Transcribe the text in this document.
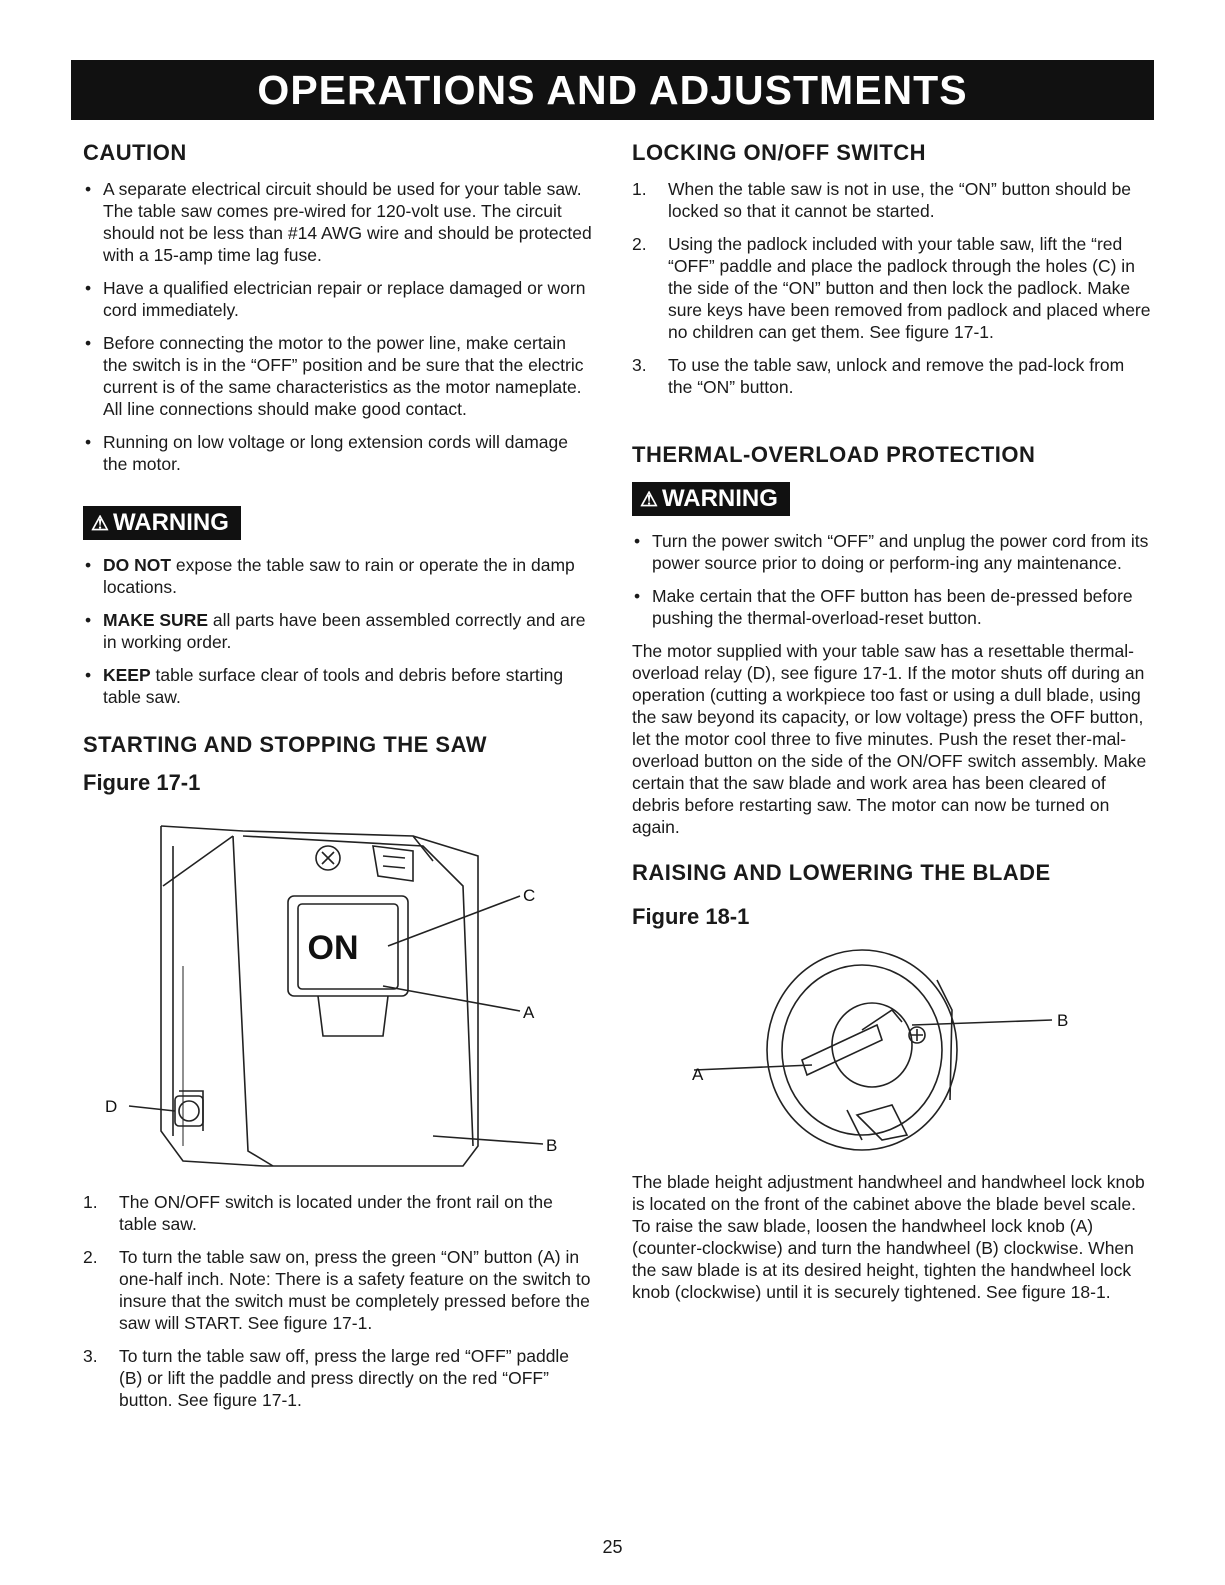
OPERATIONS AND ADJUSTMENTS
CAUTION
• A separate electrical circuit should be used for your table saw. The table saw comes pre-wired for 120-volt use. The circuit should not be less than #14 AWG wire and should be protected with a 15-amp time lag fuse.
• Have a qualified electrician repair or replace damaged or worn cord immediately.
• Before connecting the motor to the power line, make certain the switch is in the “OFF” position and be sure that the electric current is of the same characteristics as the motor nameplate. All line connections should make good contact.
• Running on low voltage or long extension cords will damage the motor.
⚠ WARNING
• DO NOT expose the table saw to rain or operate the in damp locations.
• MAKE SURE all parts have been assembled correctly and are in working order.
• KEEP table surface clear of tools and debris before starting table saw.
STARTING AND STOPPING THE SAW
Figure 17-1
ON
C
A
D
B
1. The ON/OFF switch is located under the front rail on the table saw.
2. To turn the table saw on, press the green “ON” button (A) in one-half inch. Note: There is a safety feature on the switch to insure that the switch must be completely pressed before the saw will START. See figure 17-1.
3. To turn the table saw off, press the large red “OFF” paddle (B) or lift the paddle and press directly on the red “OFF” button. See figure 17-1.
LOCKING ON/OFF SWITCH
1. When the table saw is not in use, the “ON” button should be locked so that it cannot be started.
2. Using the padlock included with your table saw, lift the “red “OFF” paddle and place the padlock through the holes (C) in the side of the “ON” button and then lock the padlock. Make sure keys have been removed from padlock and placed where no children can get them. See figure 17-1.
3. To use the table saw, unlock and remove the pad-lock from the “ON” button.
THERMAL-OVERLOAD PROTECTION
⚠ WARNING
• Turn the power switch “OFF” and unplug the power cord from its power source prior to doing or perform-ing any maintenance.
• Make certain that the OFF button has been de-pressed before pushing the thermal-overload-reset button.

The motor supplied with your table saw has a resettable thermal-overload relay (D), see figure 17-1. If the motor shuts off during an operation (cutting a workpiece too fast or using a dull blade, using the saw beyond its capacity, or low voltage) press the OFF button, let the motor cool three to five minutes. Push the reset ther-mal-overload button on the side of the ON/OFF switch assembly. Make certain that the saw blade and work area has been cleared of debris before restarting saw. The motor can now be turned on again.

RAISING AND LOWERING THE BLADE
Figure 18-1
B
A

The blade height adjustment handwheel and handwheel lock knob is located on the front of the cabinet above the blade bevel scale. To raise the saw blade, loosen the handwheel lock knob (A) (counter-clockwise) and turn the handwheel (B) clockwise. When the saw blade is at its desired height, tighten the handwheel lock knob (clockwise) until it is securely tightened. See figure 18-1.

25
